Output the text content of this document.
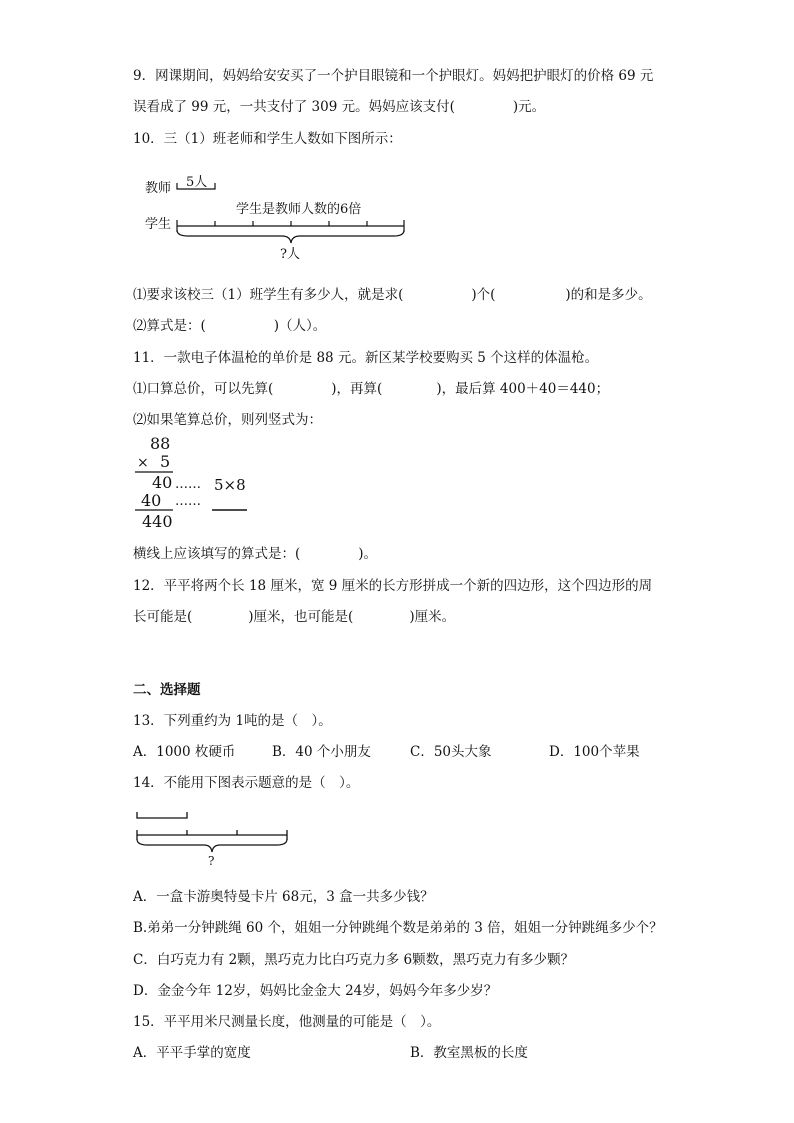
9．网课期间，妈妈给安安买了一个护目眼镜和一个护眼灯。妈妈把护眼灯的价格 69 元
误看成了 99 元，一共支付了 309 元。妈妈应该支付(	)元。
10．三（1）班老师和学生人数如下图所示：
教师 5人
学生是教师人数的6倍
学生
?人
⑴要求该校三（1）班学生有多少人，就是求(	)个(	)的和是多少。
⑵算式是：(	)（人）。
11．一款电子体温枪的单价是 88 元。新区某学校要购买 5 个这样的体温枪。
⑴口算总价，可以先算(	)，再算(	)，最后算 400＋40＝440；
⑵如果笔算总价，则列竖式为：
88
× 5
40 …… 5×8
40 ……
440
横线上应该填写的算式是：(	)。
12．平平将两个长 18 厘米，宽 9 厘米的长方形拼成一个新的四边形，这个四边形的周
长可能是(	)厘米，也可能是(	)厘米。
二、选择题
13．下列重约为 1吨的是（　）。
A．1000 枚硬币	B．40 个小朋友	C．50头大象	D．100个苹果
14．不能用下图表示题意的是（　）。
?
A．一盒卡游奥特曼卡片 68元，3 盒一共多少钱？
B.弟弟一分钟跳绳 60 个，姐姐一分钟跳绳个数是弟弟的 3 倍，姐姐一分钟跳绳多少个？
C．白巧克力有 2颗，黑巧克力比白巧克力多 6颗数，黑巧克力有多少颗？
D．金金今年 12岁，妈妈比金金大 24岁，妈妈今年多少岁？
15．平平用米尺测量长度，他测量的可能是（　）。
A．平平手掌的宽度	B．教室黑板的长度
